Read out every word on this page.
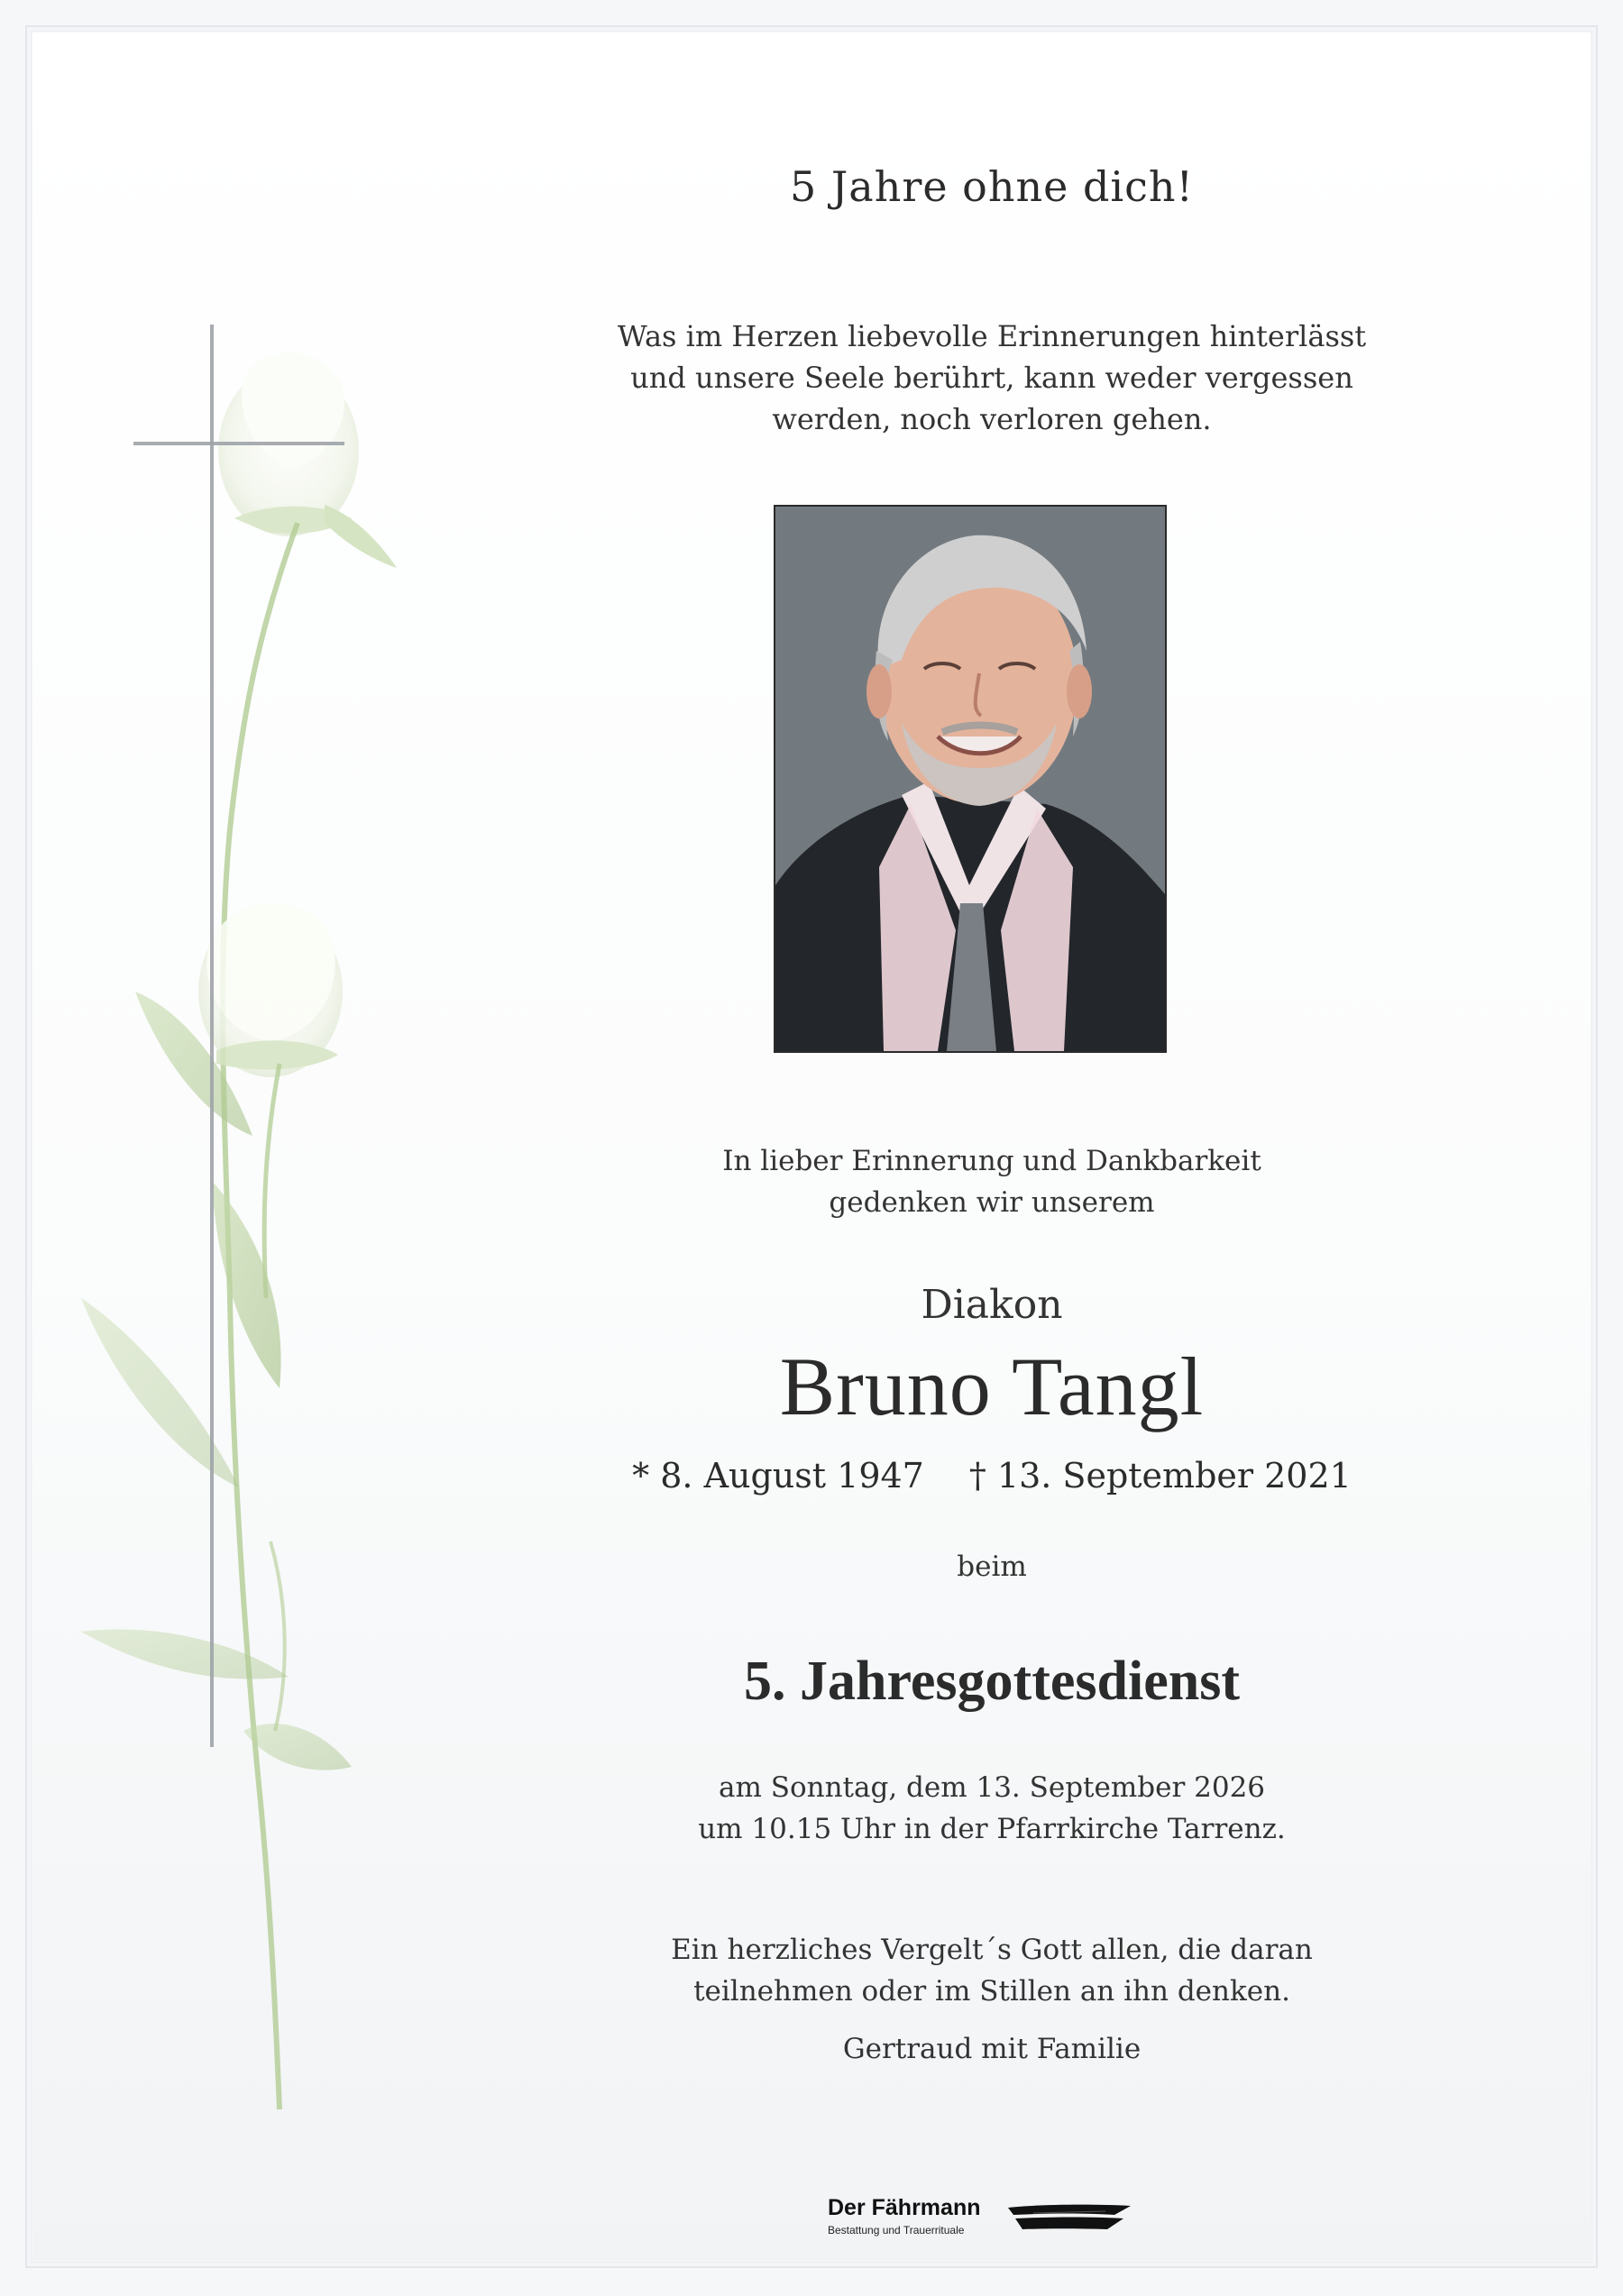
5 Jahre ohne dich!
Was im Herzen liebevolle Erinnerungen hinterlässt
und unsere Seele berührt, kann weder vergessen
werden, noch verloren gehen.
In lieber Erinnerung und Dankbarkeit
gedenken wir unserem
Diakon
Bruno Tangl
* 8. August 1947 † 13. September 2021
beim
5. Jahresgottesdienst
am Sonntag, dem 13. September 2026
um 10.15 Uhr in der Pfarrkirche Tarrenz.
Ein herzliches Vergelt´s Gott allen, die daran
teilnehmen oder im Stillen an ihn denken.
Gertraud mit Familie
Der Fährmann
Bestattung und Trauerrituale
